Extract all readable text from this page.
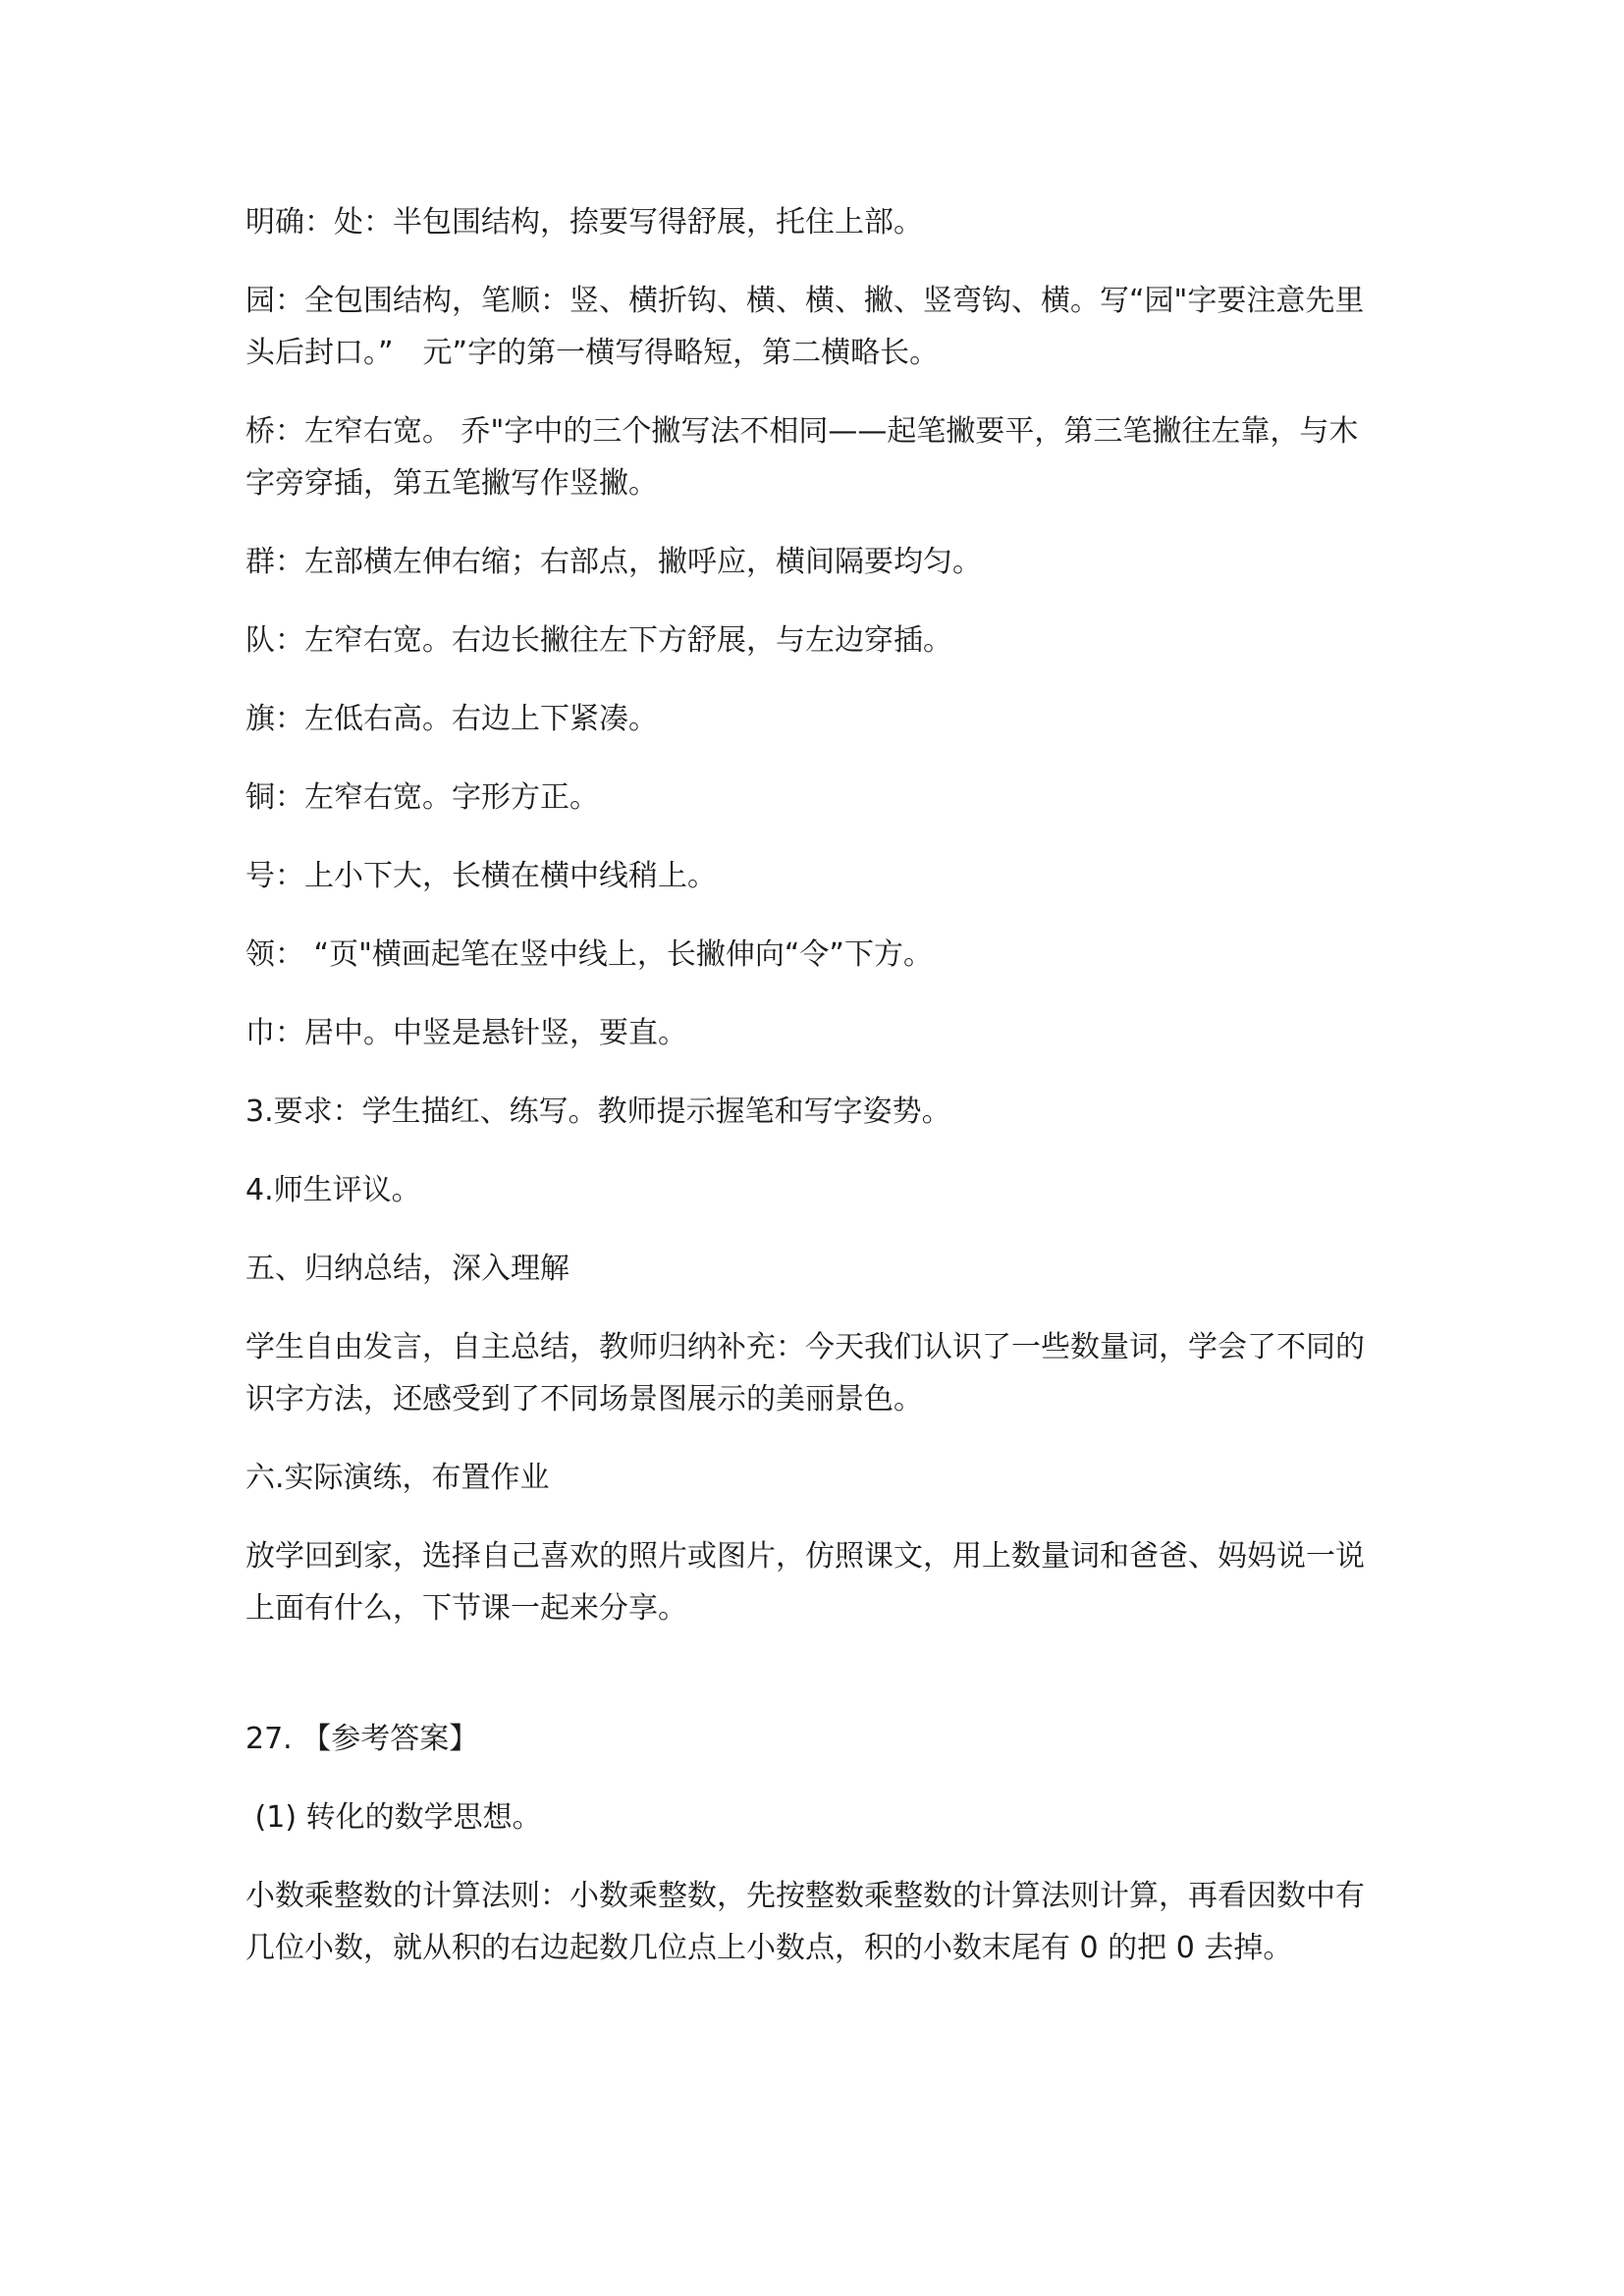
明确：处：半包围结构，捺要写得舒展，托住上部。

园：全包围结构，笔顺：竖、横折钩、横、横、撇、竖弯钩、横。写“园"字要注意先里头后封口。”　元”字的第一横写得略短，第二横略长。

桥：左窄右宽。 乔"字中的三个撇写法不相同——起笔撇要平，第三笔撇往左靠，与木字旁穿插，第五笔撇写作竖撇。

群：左部横左伸右缩；右部点，撇呼应，横间隔要均匀。

队：左窄右宽。右边长撇往左下方舒展，与左边穿插。

旗：左低右高。右边上下紧凑。

铜：左窄右宽。字形方正。

号：上小下大，长横在横中线稍上。

领： “页"横画起笔在竖中线上，长撇伸向“令”下方。

巾：居中。中竖是悬针竖，要直。

3.要求：学生描红、练写。教师提示握笔和写字姿势。

4.师生评议。

五、归纳总结，深入理解

学生自由发言，自主总结，教师归纳补充：今天我们认识了一些数量词，学会了不同的识字方法，还感受到了不同场景图展示的美丽景色。

六.实际演练，布置作业

放学回到家，选择自己喜欢的照片或图片，仿照课文，用上数量词和爸爸、妈妈说一说上面有什么，下节课一起来分享。

27. 【参考答案】

(1) 转化的数学思想。

小数乘整数的计算法则：小数乘整数，先按整数乘整数的计算法则计算，再看因数中有几位小数，就从积的右边起数几位点上小数点，积的小数末尾有 0 的把 0 去掉。
